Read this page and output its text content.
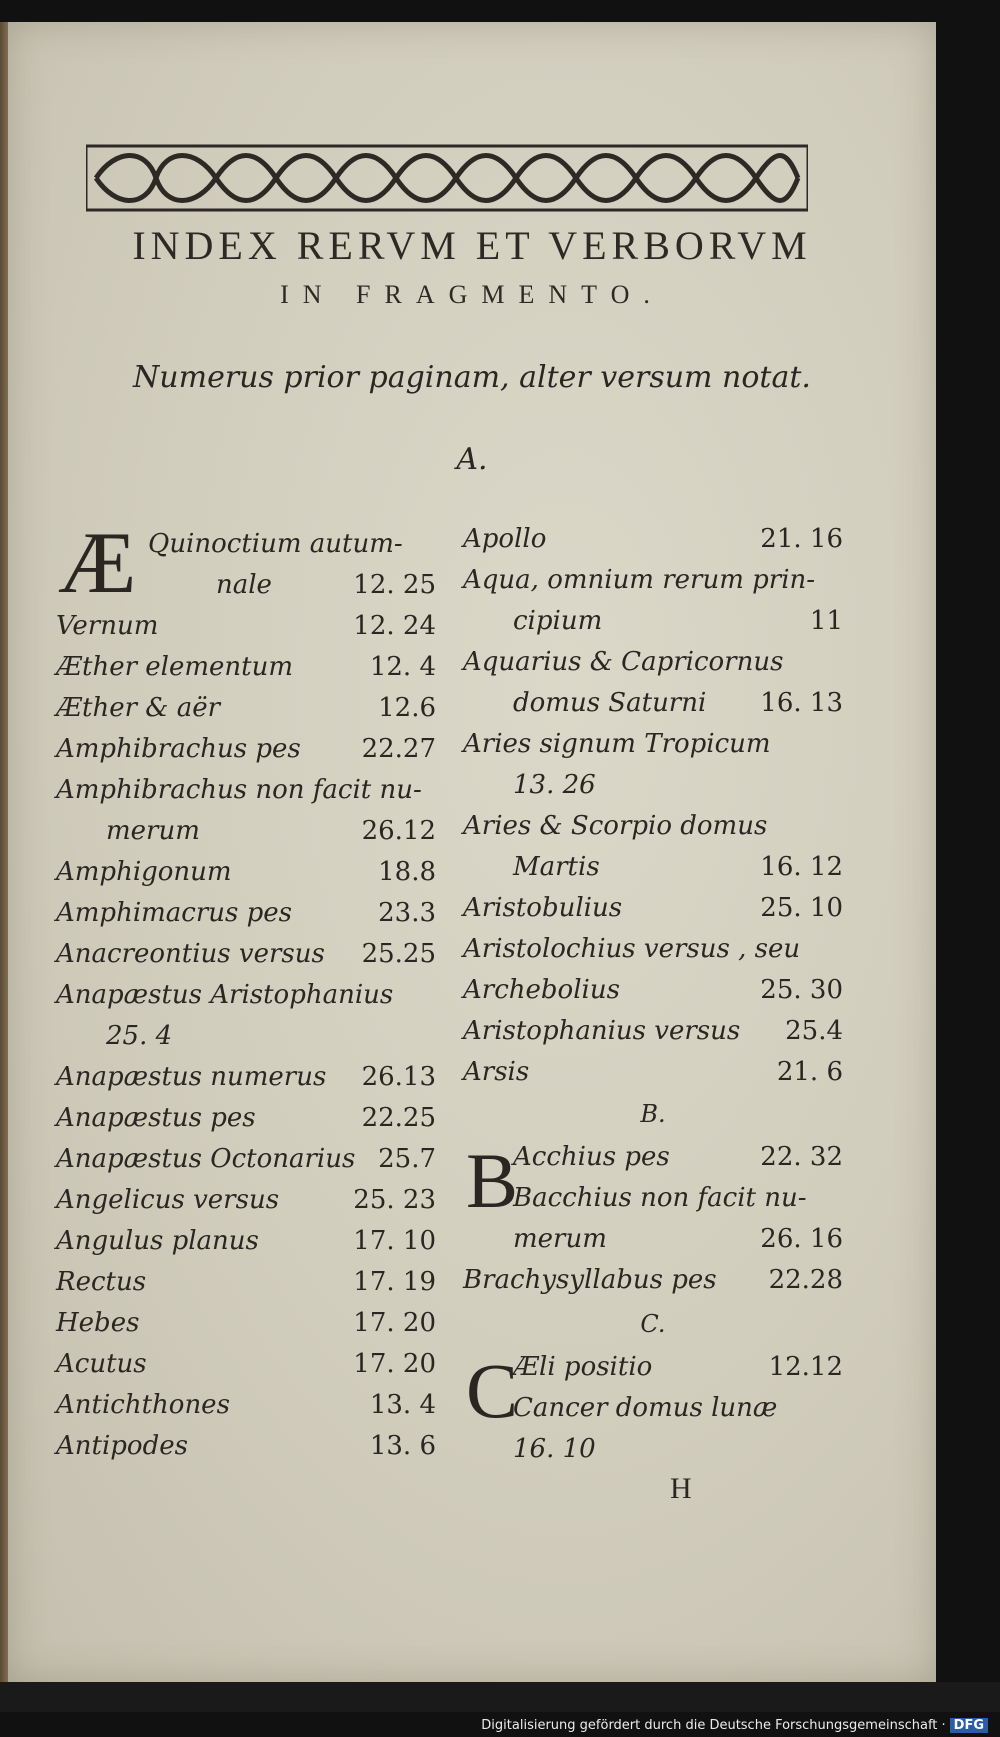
INDEX RERVM ET VERBORVM
IN FRAGMENTO.
Numerus prior paginam, alter versum notat.
A.
Æ Quinoctium autum-
nale	12. 25
Vernum	12. 24
Æther elementum	12. 4
Æther & aër	12.6
Amphibrachus pes 22.27
Amphibrachus non facit nu-
merum	26.12
Amphigonum	18.8
Amphimacrus pes	23.3
Anacreontius versus 25.25
Anapæstus Aristophanius
25. 4
Anapæstus numerus 26.13
Anapæstus pes	22.25
Anapæstus Octonarius 25.7
Angelicus versus	25. 23
Angulus planus	17. 10
Rectus	17. 19
Hebes	17. 20
Acutus	17. 20
Antichthones	13. 4
Antipodes	13. 6
Apollo	21. 16
Aqua, omnium rerum prin-
cipium	11
Aquarius & Capricornus
domus Saturni 16. 13
Aries signum Tropicum
13. 26
Aries & Scorpio domus
Martis	16. 12
Aristobulius	25. 10
Aristolochius versus , seu
Archebolius	25. 30
Aristophanius versus 25.4
Arsis	21. 6
B.
B
Acchius pes	22. 32
Bacchius non facit nu-
merum	26. 16
Brachysyllabus pes 22.28
C.
C
Æli positio	12.12
Cancer domus lunæ
16. 10
H
Digitalisierung gefördert durch die Deutsche Forschungsgemeinschaft · DFG
